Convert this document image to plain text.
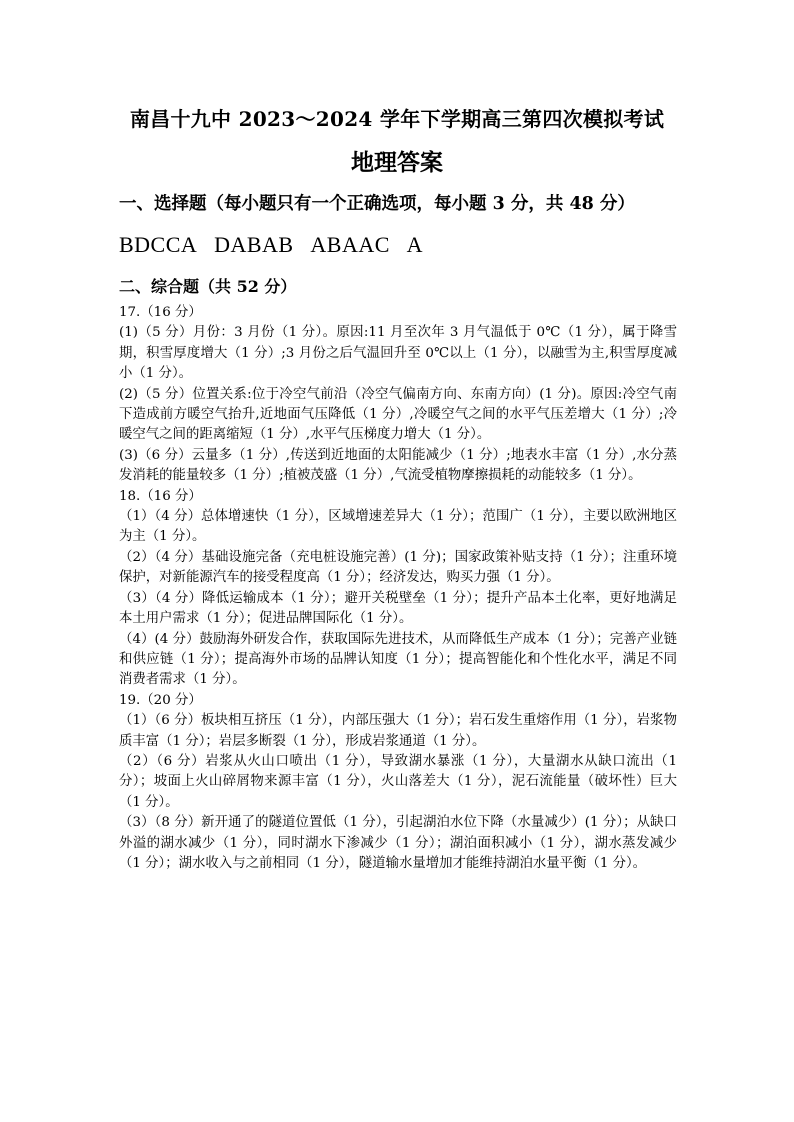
南昌十九中 2023～2024 学年下学期高三第四次模拟考试
地理答案
一、选择题（每小题只有一个正确选项，每小题 3 分，共 48 分）
BDCCA   DABAB   ABAAC   A
二、综合题（共 52 分）

17.（16 分）

(1)（5 分）月份：3 月份（1 分）。原因:11 月至次年 3 月气温低于 0℃（1 分），属于降雪期，积雪厚度增大（1 分）;3 月份之后气温回升至 0℃以上（1 分），以融雪为主,积雪厚度减小（1 分）。

(2)（5 分）位置关系:位于冷空气前沿（冷空气偏南方向、东南方向）(1 分)。原因:冷空气南下造成前方暖空气抬升,近地面气压降低（1 分）,冷暖空气之间的水平气压差增大（1 分）;冷暖空气之间的距离缩短（1 分）,水平气压梯度力增大（1 分）。

(3)（6 分）云量多（1 分）,传送到近地面的太阳能减少（1 分）;地表水丰富（1 分）,水分蒸发消耗的能量较多（1 分）;植被茂盛（1 分）,气流受植物摩擦损耗的动能较多（1 分）。

18.（16 分）

（1）（4 分）总体增速快（1 分），区域增速差异大（1 分）；范围广（1 分），主要以欧洲地区为主（1 分）。

（2）（4 分）基础设施完备（充电桩设施完善）(1 分)；国家政策补贴支持（1 分）；注重环境保护，对新能源汽车的接受程度高（1 分）；经济发达，购买力强（1 分）。

（3）（4 分）降低运输成本（1 分）；避开关税壁垒（1 分）；提升产品本土化率，更好地满足本土用户需求（1 分）；促进品牌国际化（1 分）。

（4）(4 分）鼓励海外研发合作，获取国际先进技术，从而降低生产成本（1 分）；完善产业链和供应链（1 分）；提高海外市场的品牌认知度（1 分）；提高智能化和个性化水平，满足不同消费者需求（1 分）。

19.（20 分）

（1）（6 分）板块相互挤压（1 分），内部压强大（1 分）；岩石发生重熔作用（1 分），岩浆物质丰富（1 分）；岩层多断裂（1 分），形成岩浆通道（1 分）。

（2）（6 分）岩浆从火山口喷出（1 分），导致湖水暴涨（1 分），大量湖水从缺口流出（1 分）；坡面上火山碎屑物来源丰富（1 分），火山落差大（1 分），泥石流能量（破坏性）巨大（1 分）。

（3）（8 分）新开通了的隧道位置低（1 分），引起湖泊水位下降（水量减少）(1 分）；从缺口外溢的湖水减少（1 分），同时湖水下渗减少（1 分）；湖泊面积减小（1 分），湖水蒸发减少（1 分）；湖水收入与之前相同（1 分），隧道输水量增加才能维持湖泊水量平衡（1 分）。
